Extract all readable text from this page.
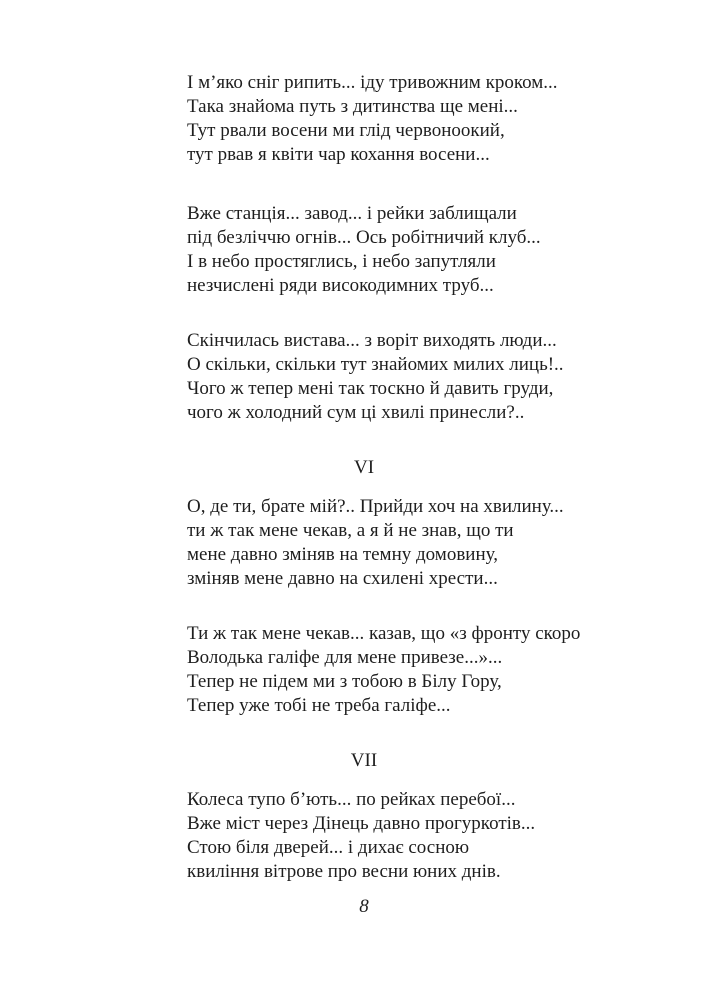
І м’яко сніг рипить... іду тривожним кроком...
Така знайома путь з дитинства ще мені...
Тут рвали восени ми глід червоноокий,
тут рвав я квіти чар кохання восени...
Вже станція... завод... і рейки заблищали
під безліччю огнів... Ось робітничий клуб...
І в небо простяглись, і небо запутляли
незчислені ряди високодимних труб...
Скінчилась вистава... з воріт виходять люди...
О скільки, скільки тут знайомих милих лиць!..
Чого ж тепер мені так тоскно й давить груди,
чого ж холодний сум ці хвилі принесли?..
VI
О, де ти, брате мій?.. Прийди хоч на хвилину...
ти ж так мене чекав, а я й не знав, що ти
мене давно зміняв на темну домовину,
зміняв мене давно на схилені хрести...
Ти ж так мене чекав... казав, що «з фронту скоро
Володька галіфе для мене привезе...»...
Тепер не підем ми з тобою в Білу Гору,
Тепер уже тобі не треба галіфе...
VII
Колеса тупо б’ють... по рейках перебої...
Вже міст через Дінець давно прогуркотів...
Стою біля дверей... і дихає сосною
квиління вітрове про весни юних днів.
8
